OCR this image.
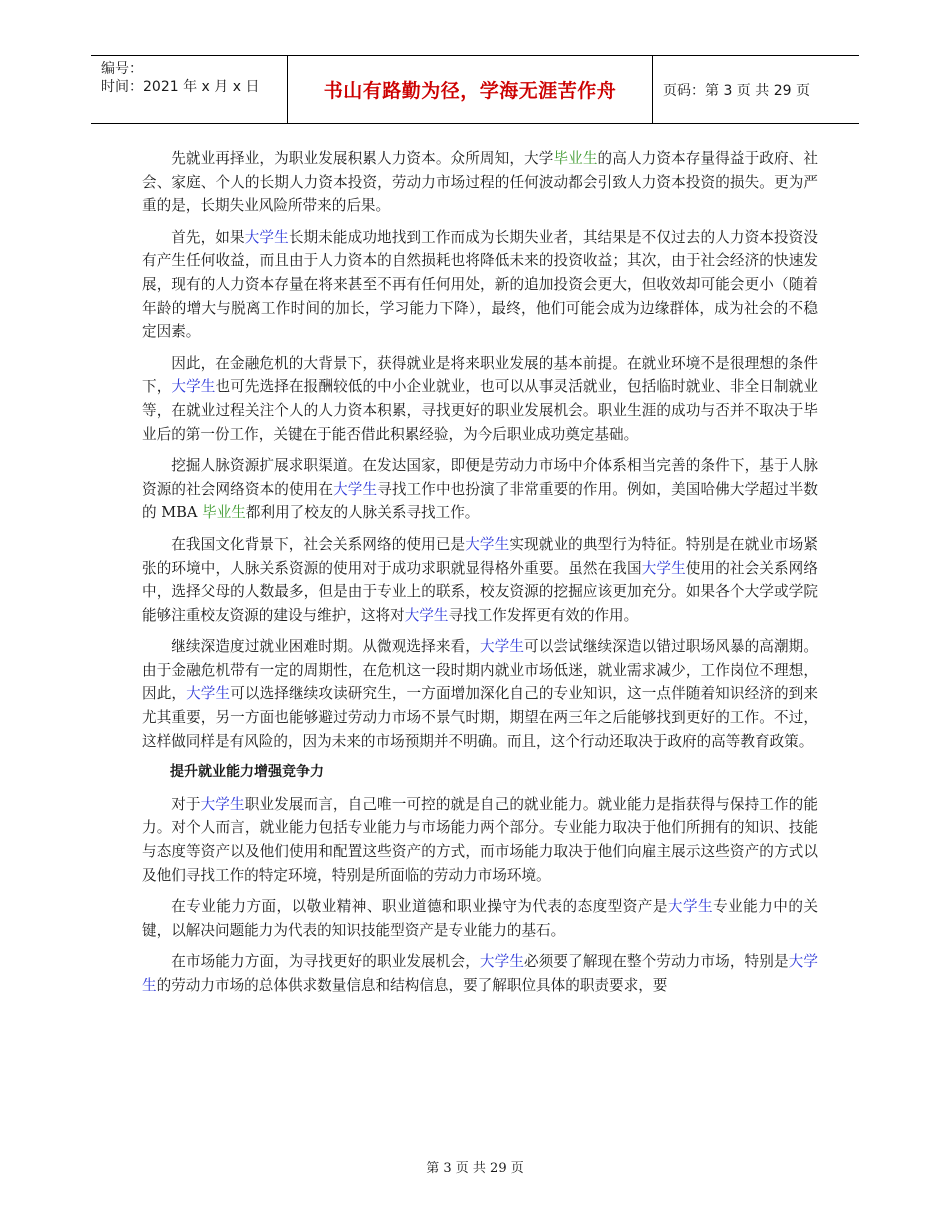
编号：
时间：2021 年 x 月 x 日	书山有路勤为径，学海无涯苦作舟	页码：第 3 页 共 29 页

先就业再择业，为职业发展积累人力资本。众所周知，大学毕业生的高人力资本存量得益于政府、社会、家庭、个人的长期人力资本投资，劳动力市场过程的任何波动都会引致人力资本投资的损失。更为严重的是，长期失业风险所带来的后果。

首先，如果大学生长期未能成功地找到工作而成为长期失业者，其结果是不仅过去的人力资本投资没有产生任何收益，而且由于人力资本的自然损耗也将降低未来的投资收益；其次，由于社会经济的快速发展，现有的人力资本存量在将来甚至不再有任何用处，新的追加投资会更大，但收效却可能会更小（随着年龄的增大与脱离工作时间的加长，学习能力下降），最终，他们可能会成为边缘群体，成为社会的不稳定因素。

因此，在金融危机的大背景下，获得就业是将来职业发展的基本前提。在就业环境不是很理想的条件下，大学生也可先选择在报酬较低的中小企业就业，也可以从事灵活就业，包括临时就业、非全日制就业等，在就业过程关注个人的人力资本积累，寻找更好的职业发展机会。职业生涯的成功与否并不取决于毕业后的第一份工作，关键在于能否借此积累经验，为今后职业成功奠定基础。

挖掘人脉资源扩展求职渠道。在发达国家，即便是劳动力市场中介体系相当完善的条件下，基于人脉资源的社会网络资本的使用在大学生寻找工作中也扮演了非常重要的作用。例如，美国哈佛大学超过半数的 MBA 毕业生都利用了校友的人脉关系寻找工作。

在我国文化背景下，社会关系网络的使用已是大学生实现就业的典型行为特征。特别是在就业市场紧张的环境中，人脉关系资源的使用对于成功求职就显得格外重要。虽然在我国大学生使用的社会关系网络中，选择父母的人数最多，但是由于专业上的联系，校友资源的挖掘应该更加充分。如果各个大学或学院能够注重校友资源的建设与维护，这将对大学生寻找工作发挥更有效的作用。

继续深造度过就业困难时期。从微观选择来看，大学生可以尝试继续深造以错过职场风暴的高潮期。由于金融危机带有一定的周期性，在危机这一段时期内就业市场低迷，就业需求减少，工作岗位不理想，因此，大学生可以选择继续攻读研究生，一方面增加深化自己的专业知识，这一点伴随着知识经济的到来尤其重要，另一方面也能够避过劳动力市场不景气时期，期望在两三年之后能够找到更好的工作。不过，这样做同样是有风险的，因为未来的市场预期并不明确。而且，这个行动还取决于政府的高等教育政策。

提升就业能力增强竞争力

对于大学生职业发展而言，自己唯一可控的就是自己的就业能力。就业能力是指获得与保持工作的能力。对个人而言，就业能力包括专业能力与市场能力两个部分。专业能力取决于他们所拥有的知识、技能与态度等资产以及他们使用和配置这些资产的方式，而市场能力取决于他们向雇主展示这些资产的方式以及他们寻找工作的特定环境，特别是所面临的劳动力市场环境。

在专业能力方面，以敬业精神、职业道德和职业操守为代表的态度型资产是大学生专业能力中的关键，以解决问题能力为代表的知识技能型资产是专业能力的基石。

在市场能力方面，为寻找更好的职业发展机会，大学生必须要了解现在整个劳动力市场，特别是大学生的劳动力市场的总体供求数量信息和结构信息，要了解职位具体的职责要求，要

第 3 页 共 29 页
